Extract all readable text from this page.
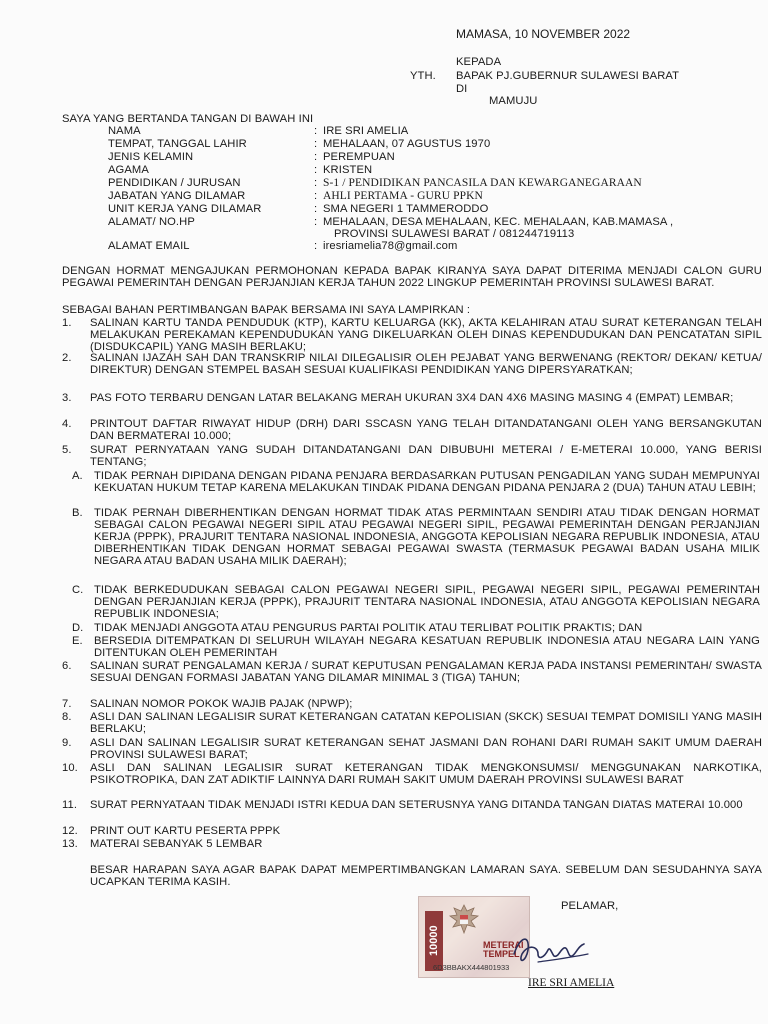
MAMASA, 10 NOVEMBER 2022
KEPADA
YTH. BAPAK PJ.GUBERNUR SULAWESI BARAT
DI
MAMUJU
SAYA YANG BERTANDA TANGAN DI BAWAH INI
NAMA	: IRE SRI AMELIA
TEMPAT, TANGGAL LAHIR	: MEHALAAN, 07 AGUSTUS 1970
JENIS KELAMIN	: PEREMPUAN
AGAMA	: KRISTEN
PENDIDIKAN / JURUSAN	: S-1 / PENDIDIKAN PANCASILA DAN KEWARGANEGARAAN
JABATAN YANG DILAMAR	: AHLI PERTAMA - GURU PPKN
UNIT KERJA YANG DILAMAR	: SMA NEGERI 1 TAMMERODDO
ALAMAT/ NO.HP	: MEHALAAN, DESA MEHALAAN, KEC. MEHALAAN, KAB.MAMASA ,
PROVINSI SULAWESI BARAT / 081244719113
ALAMAT EMAIL	: iresriamelia78@gmail.com
DENGAN HORMAT MENGAJUKAN PERMOHONAN KEPADA BAPAK KIRANYA SAYA DAPAT DITERIMA MENJADI CALON GURU PEGAWAI PEMERINTAH DENGAN PERJANJIAN KERJA TAHUN 2022 LINGKUP PEMERINTAH PROVINSI SULAWESI BARAT.
SEBAGAI BAHAN PERTIMBANGAN BAPAK BERSAMA INI SAYA LAMPIRKAN :
1. SALINAN KARTU TANDA PENDUDUK (KTP), KARTU KELUARGA (KK), AKTA KELAHIRAN ATAU SURAT KETERANGAN TELAH MELAKUKAN PEREKAMAN KEPENDUDUKAN YANG DIKELUARKAN OLEH DINAS KEPENDUDUKAN DAN PENCATATAN SIPIL (DISDUKCAPIL) YANG MASIH BERLAKU;
2. SALINAN IJAZAH SAH DAN TRANSKRIP NILAI DILEGALISIR OLEH PEJABAT YANG BERWENANG (REKTOR/ DEKAN/ KETUA/ DIREKTUR) DENGAN STEMPEL BASAH SESUAI KUALIFIKASI PENDIDIKAN YANG DIPERSYARATKAN;
3. PAS FOTO TERBARU DENGAN LATAR BELAKANG MERAH UKURAN 3X4 DAN 4X6 MASING MASING 4 (EMPAT) LEMBAR;
4. PRINTOUT DAFTAR RIWAYAT HIDUP (DRH) DARI SSCASN YANG TELAH DITANDATANGANI OLEH YANG BERSANGKUTAN DAN BERMATERAI 10.000;
5. SURAT PERNYATAAN YANG SUDAH DITANDATANGANI DAN DIBUBUHI METERAI / E-METERAI 10.000, YANG BERISI TENTANG;
A. TIDAK PERNAH DIPIDANA DENGAN PIDANA PENJARA BERDASARKAN PUTUSAN PENGADILAN YANG SUDAH MEMPUNYAI KEKUATAN HUKUM TETAP KARENA MELAKUKAN TINDAK PIDANA DENGAN PIDANA PENJARA 2 (DUA) TAHUN ATAU LEBIH;
B. TIDAK PERNAH DIBERHENTIKAN DENGAN HORMAT TIDAK ATAS PERMINTAAN SENDIRI ATAU TIDAK DENGAN HORMAT SEBAGAI CALON PEGAWAI NEGERI SIPIL ATAU PEGAWAI NEGERI SIPIL, PEGAWAI PEMERINTAH DENGAN PERJANJIAN KERJA (PPPK), PRAJURIT TENTARA NASIONAL INDONESIA, ANGGOTA KEPOLISIAN NEGARA REPUBLIK INDONESIA, ATAU DIBERHENTIKAN TIDAK DENGAN HORMAT SEBAGAI PEGAWAI SWASTA (TERMASUK PEGAWAI BADAN USAHA MILIK NEGARA ATAU BADAN USAHA MILIK DAERAH);
C. TIDAK BERKEDUDUKAN SEBAGAI CALON PEGAWAI NEGERI SIPIL, PEGAWAI NEGERI SIPIL, PEGAWAI PEMERINTAH DENGAN PERJANJIAN KERJA (PPPK), PRAJURIT TENTARA NASIONAL INDONESIA, ATAU ANGGOTA KEPOLISIAN NEGARA REPUBLIK INDONESIA;
D. TIDAK MENJADI ANGGOTA ATAU PENGURUS PARTAI POLITIK ATAU TERLIBAT POLITIK PRAKTIS; DAN
E. BERSEDIA DITEMPATKAN DI SELURUH WILAYAH NEGARA KESATUAN REPUBLIK INDONESIA ATAU NEGARA LAIN YANG DITENTUKAN OLEH PEMERINTAH
6. SALINAN SURAT PENGALAMAN KERJA / SURAT KEPUTUSAN PENGALAMAN KERJA PADA INSTANSI PEMERINTAH/ SWASTA SESUAI DENGAN FORMASI JABATAN YANG DILAMAR MINIMAL 3 (TIGA) TAHUN;
7. SALINAN NOMOR POKOK WAJIB PAJAK (NPWP);
8. ASLI DAN SALINAN LEGALISIR SURAT KETERANGAN CATATAN KEPOLISIAN (SKCK) SESUAI TEMPAT DOMISILI YANG MASIH BERLAKU;
9. ASLI DAN SALINAN LEGALISIR SURAT KETERANGAN SEHAT JASMANI DAN ROHANI DARI RUMAH SAKIT UMUM DAERAH PROVINSI SULAWESI BARAT;
10. ASLI DAN SALINAN LEGALISIR SURAT KETERANGAN TIDAK MENGKONSUMSI/ MENGGUNAKAN NARKOTIKA, PSIKOTROPIKA, DAN ZAT ADIKTIF LAINNYA DARI RUMAH SAKIT UMUM DAERAH PROVINSI SULAWESI BARAT
11. SURAT PERNYATAAN TIDAK MENJADI ISTRI KEDUA DAN SETERUSNYA YANG DITANDA TANGAN DIATAS MATERAI 10.000
12. PRINT OUT KARTU PESERTA PPPK
13. MATERAI SEBANYAK 5 LEMBAR
BESAR HARAPAN SAYA AGAR BAPAK DAPAT MEMPERTIMBANGKAN LAMARAN SAYA. SEBELUM DAN SESUDAHNYA SAYA UCAPKAN TERIMA KASIH.
PELAMAR,
10000	METERAI
TEMPEL
6D3BBAKX444801933
IRE SRI AMELIA
